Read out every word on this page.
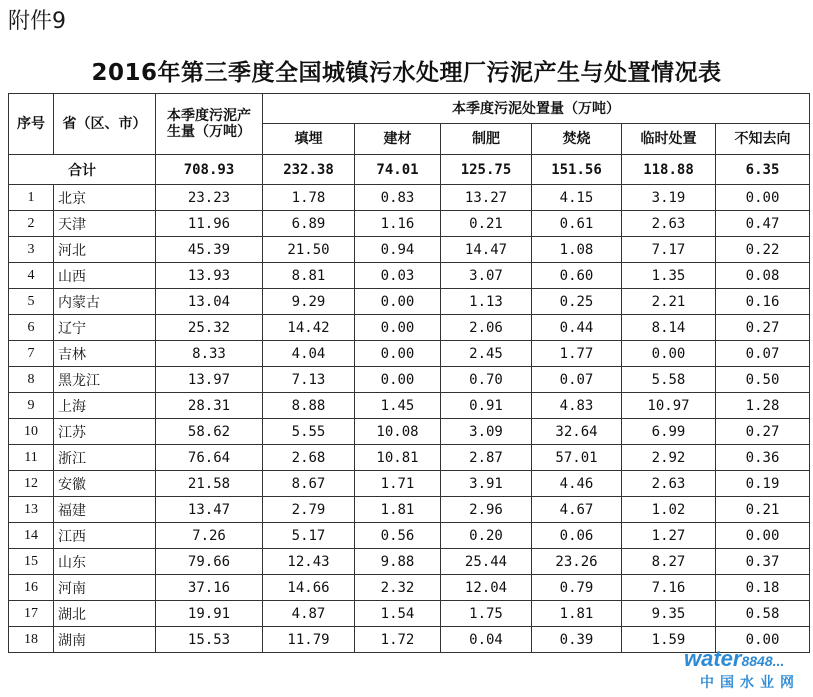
附件9
2016年第三季度全国城镇污水处理厂污泥产生与处置情况表
序号	省（区、市）	本季度污泥产生量（万吨）	本季度污泥处置量（万吨）					
			填埋	建材	制肥	焚烧	临时处置	不知去向
合计		708.93	232.38	74.01	125.75	151.56	118.88	6.35
1	北京	23.23	1.78	0.83	13.27	4.15	3.19	0.00
2	天津	11.96	6.89	1.16	0.21	0.61	2.63	0.47
3	河北	45.39	21.50	0.94	14.47	1.08	7.17	0.22
4	山西	13.93	8.81	0.03	3.07	0.60	1.35	0.08
5	内蒙古	13.04	9.29	0.00	1.13	0.25	2.21	0.16
6	辽宁	25.32	14.42	0.00	2.06	0.44	8.14	0.27
7	吉林	8.33	4.04	0.00	2.45	1.77	0.00	0.07
8	黑龙江	13.97	7.13	0.00	0.70	0.07	5.58	0.50
9	上海	28.31	8.88	1.45	0.91	4.83	10.97	1.28
10	江苏	58.62	5.55	10.08	3.09	32.64	6.99	0.27
11	浙江	76.64	2.68	10.81	2.87	57.01	2.92	0.36
12	安徽	21.58	8.67	1.71	3.91	4.46	2.63	0.19
13	福建	13.47	2.79	1.81	2.96	4.67	1.02	0.21
14	江西	7.26	5.17	0.56	0.20	0.06	1.27	0.00
15	山东	79.66	12.43	9.88	25.44	23.26	8.27	0.37
16	河南	37.16	14.66	2.32	12.04	0.79	7.16	0.18
17	湖北	19.91	4.87	1.54	1.75	1.81	9.35	0.58
18	湖南	15.53	11.79	1.72	0.04	0.39	1.59	0.00
water8848...
中国水业网
